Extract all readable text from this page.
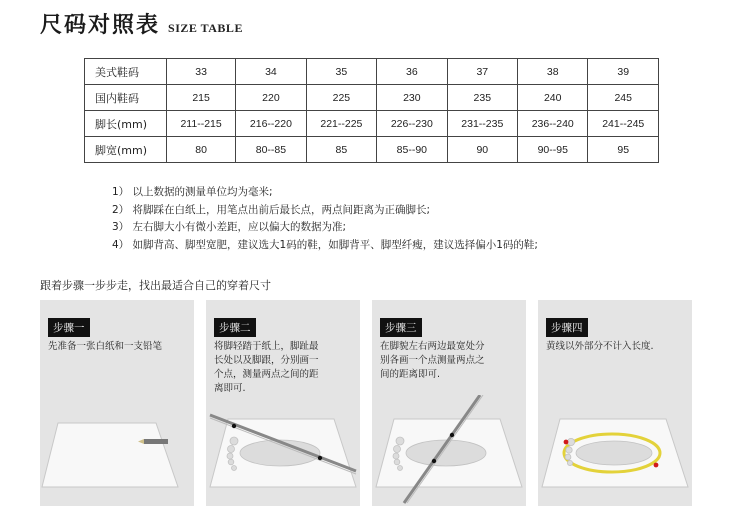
尺码对照表 SIZE TABLE
美式鞋码	33	34	35	36	37	38	39
国内鞋码	215	220	225	230	235	240	245
脚长(mm)	211--215	216--220	221--225	226--230	231--235	236--240	241--245
脚宽(mm)	80	80--85	85	85--90	90	90--95	95
1） 以上数据的测量单位均为毫米;
2） 将脚踩在白纸上，用笔点出前后最长点，两点间距离为正确脚长;
3） 左右脚大小有微小差距，应以偏大的数据为准;
4） 如脚背高、脚型宽肥，建议选大1码的鞋，如脚背平、脚型纤瘦，建议选择偏小1码的鞋;
跟着步骤一步步走，找出最适合自己的穿着尺寸
步骤一
先准备一张白纸和一支铅笔
步骤二
将脚轻踏于纸上，脚趾最
长处以及脚跟，分别画一
个点，测量两点之间的距
离即可.
步骤三
在脚貌左右两边最宽处分
别各画一个点测量两点之
间的距离即可.
步骤四
黄线以外部分不计入长度.
